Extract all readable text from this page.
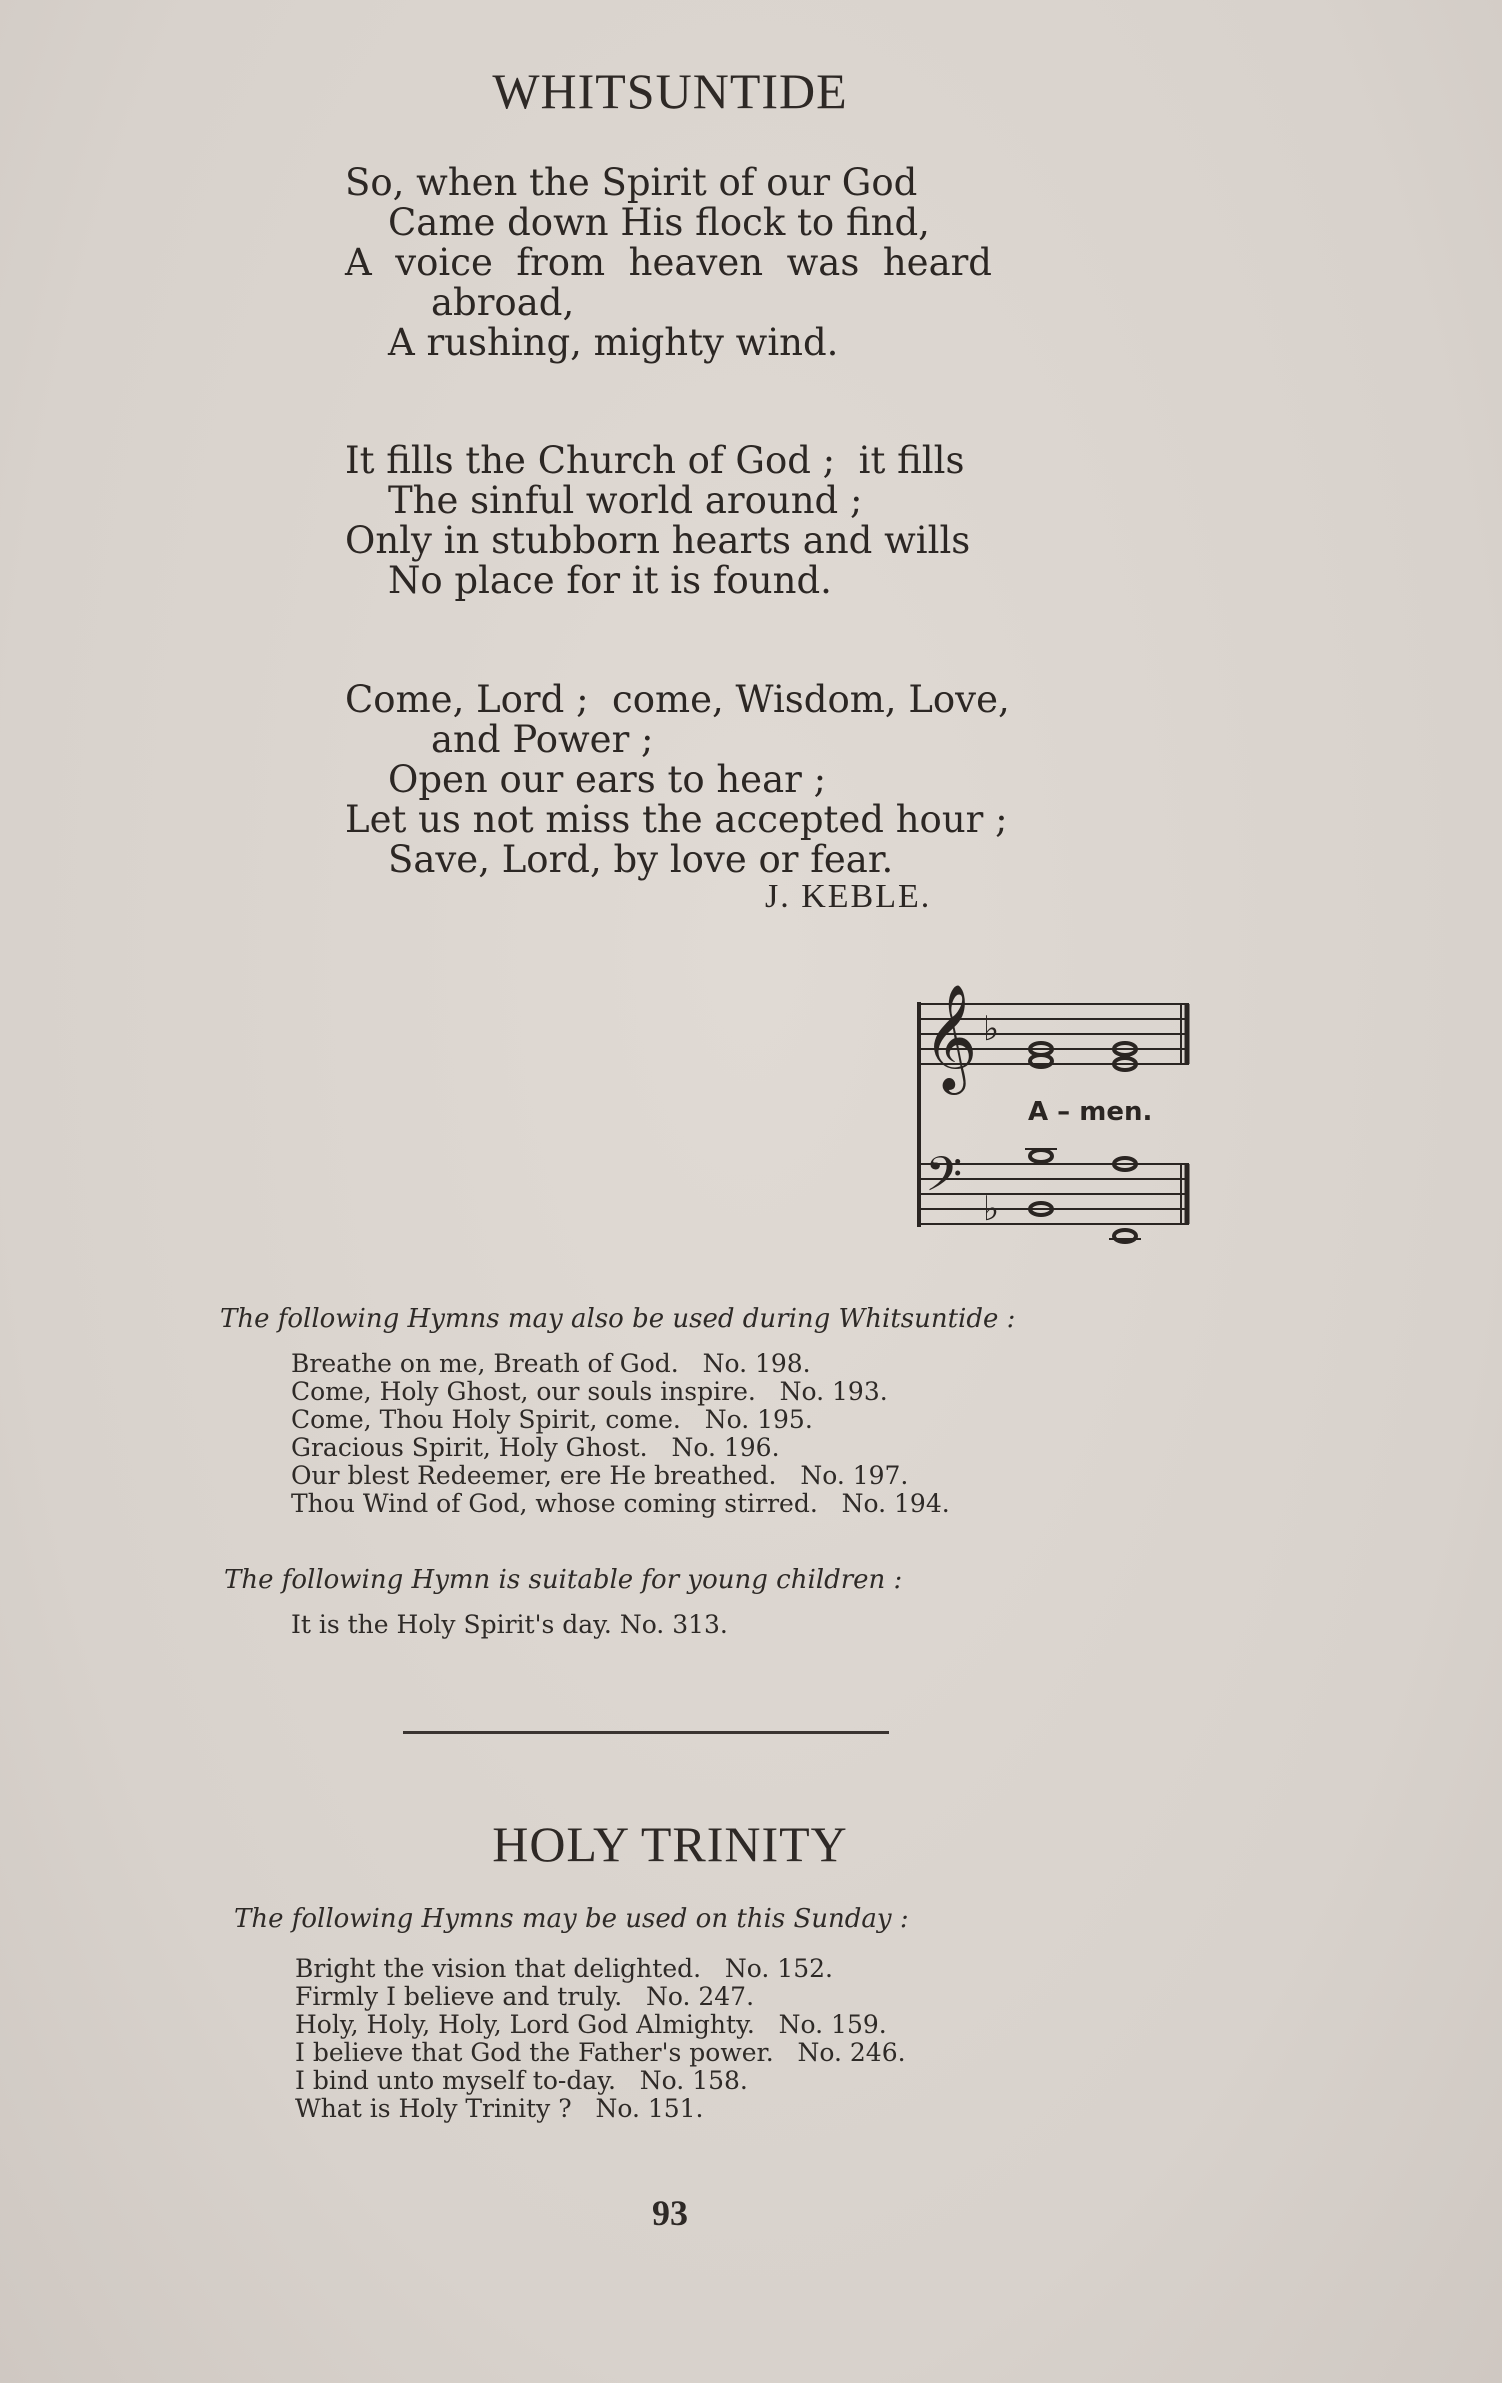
WHITSUNTIDE
So, when the Spirit of our God
Came down His flock to find,
A  voice  from  heaven  was  heard
abroad,
A rushing, mighty wind.
It fills the Church of God ;  it fills
The sinful world around ;
Only in stubborn hearts and wills
No place for it is found.
Come, Lord ;  come, Wisdom, Love,
and Power ;
Open our ears to hear ;
Let us not miss the accepted hour ;
Save, Lord, by love or fear.
J. KEBLE.
𝄞
𝄢
♭
♭
A – men.
The following Hymns may also be used during Whitsuntide :
Breathe on me, Breath of God.   No. 198.
Come, Holy Ghost, our souls inspire.   No. 193.
Come, Thou Holy Spirit, come.   No. 195.
Gracious Spirit, Holy Ghost.   No. 196.
Our blest Redeemer, ere He breathed.   No. 197.
Thou Wind of God, whose coming stirred.   No. 194.
The following Hymn is suitable for young children :
It is the Holy Spirit's day. No. 313.
HOLY TRINITY
The following Hymns may be used on this Sunday :
Bright the vision that delighted.   No. 152.
Firmly I believe and truly.   No. 247.
Holy, Holy, Holy, Lord God Almighty.   No. 159.
I believe that God the Father's power.   No. 246.
I bind unto myself to-day.   No. 158.
What is Holy Trinity ?   No. 151.
93
